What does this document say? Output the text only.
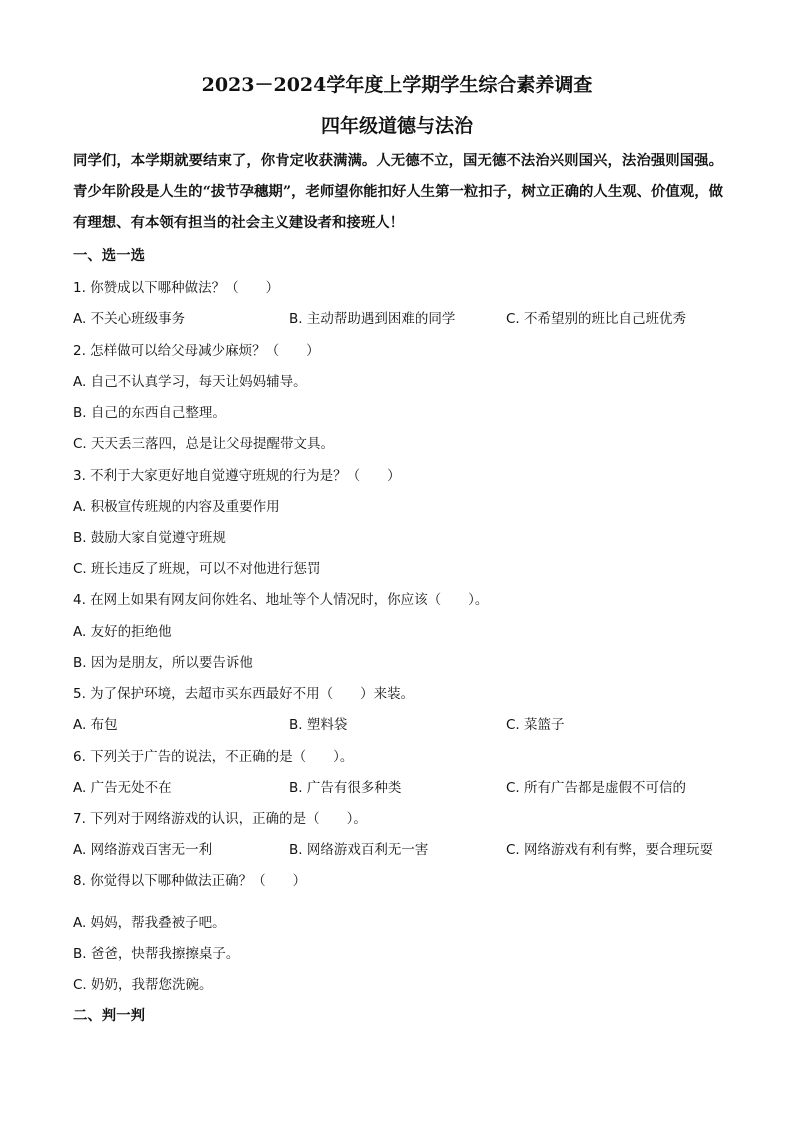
2023－2024学年度上学期学生综合素养调查
四年级道德与法治
同学们，本学期就要结束了，你肯定收获满满。人无德不立，国无德不法治兴则国兴，法治强则国强。青少年阶段是人生的“拔节孕穗期”，老师望你能扣好人生第一粒扣子，树立正确的人生观、价值观，做有理想、有本领有担当的社会主义建设者和接班人！
一、选一选
1. 你赞成以下哪种做法？（　　）
A. 不关心班级事务	B. 主动帮助遇到困难的同学	C. 不希望别的班比自己班优秀
2. 怎样做可以给父母减少麻烦？（　　）
A. 自己不认真学习，每天让妈妈辅导。
B. 自己的东西自己整理。
C. 天天丢三落四，总是让父母提醒带文具。
3. 不利于大家更好地自觉遵守班规的行为是？（　　）
A. 积极宣传班规的内容及重要作用
B. 鼓励大家自觉遵守班规
C. 班长违反了班规，可以不对他进行惩罚
4. 在网上如果有网友问你姓名、地址等个人情况时，你应该（　　）。
A. 友好的拒绝他
B. 因为是朋友，所以要告诉他
5. 为了保护环境，去超市买东西最好不用（　　）来装。
A. 布包	B. 塑料袋	C. 菜篮子
6. 下列关于广告的说法，不正确的是（　　）。
A. 广告无处不在	B. 广告有很多种类	C. 所有广告都是虚假不可信的
7. 下列对于网络游戏的认识，正确的是（　　）。
A. 网络游戏百害无一利	B. 网络游戏百利无一害	C. 网络游戏有利有弊，要合理玩耍
8. 你觉得以下哪种做法正确？（　　）
A. 妈妈，帮我叠被子吧。
B. 爸爸，快帮我擦擦桌子。
C. 奶奶，我帮您洗碗。
二、判一判
